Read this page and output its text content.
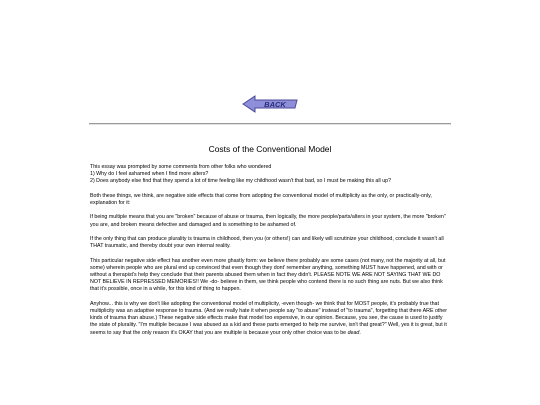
BACK
Costs of the Conventional Model

This essay was prompted by some comments from other folks who wondered
1) Why do I feel ashamed when I find more alters?
2) Does anybody else find that they spend a lot of time feeling like my childhood wasn't that bad, so I must be making this all up?

Both these things, we think, are negative side effects that come from adopting the conventional model of multiplicity as the only, or practically-only, explanation for it:

If being multiple means that you are "broken" because of abuse or trauma, then logically, the more people/parts/alters in your system, the more "broken" you are, and broken means defective and damaged and is something to be ashamed of.

If the only thing that can produce plurality is trauma in childhood, then you (or others!) can and likely will scrutinize your childhood, conclude it wasn't all THAT traumatic, and thereby doubt your own internal reality.

This particular negative side effect has another even more ghastly form: we believe there probably are some cases (not many, not the majority at all, but some) wherein people who are plural end up convinced that even though they dont' remember anything, something MUST have happened, and with or without a therapist's help they conclude that their parents abused them when in fact they didn't. PLEASE NOTE WE ARE NOT SAYING THAT WE DO NOT BELIEVE IN REPRESSED MEMORIES!! We -do- believe in them, we think people who contend there is no such thing are nuts. But we also think that it's possible, once in a while, for this kind of thing to happen.

Anyhow... this is why we don't like adopting the conventional model of multiplicity, -even though- we think that for MOST people, it's probably true that multiplicity was an adaptive response to trauma. (And we really hate it when people say "to abuse" instead of "to trauma", forgetting that there ARE other kinds of trauma than abuse.) These negative side effects make that model too expensive, in our opinion. Because, you see, the cause is used to justify the state of plurality. "I'm multiple because I was abused as a kid and these parts emerged to help me survive, isn't that great?" Well, yes it is great, but it seems to say that the only reason it's OKAY that you are multiple is because your only other choice was to be dead.
